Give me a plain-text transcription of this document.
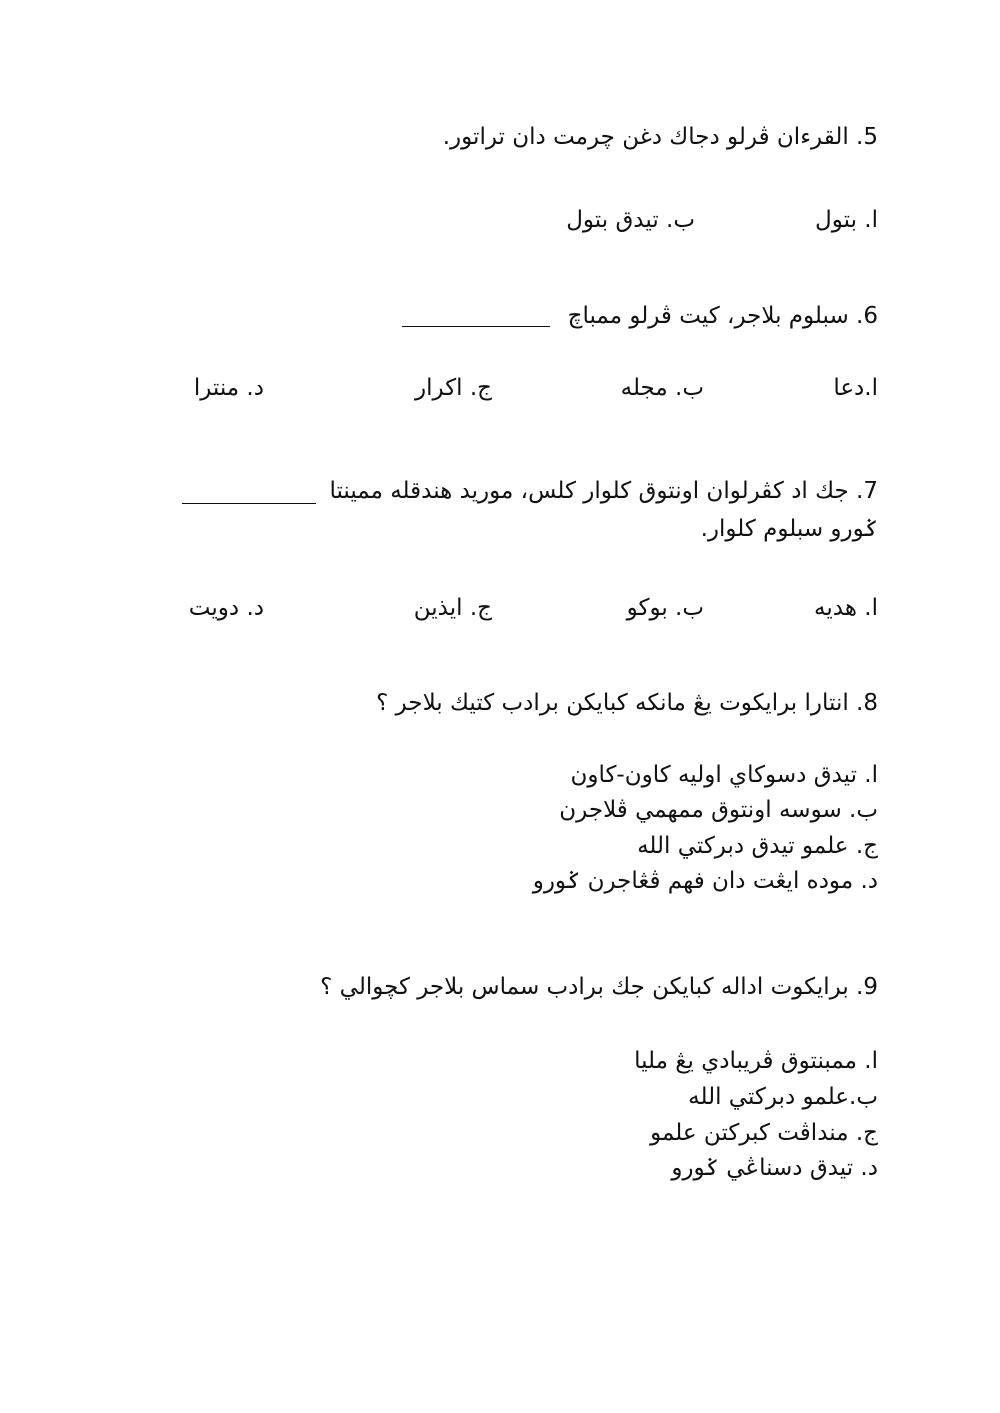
5. القرءان ڤرلو دجاك دغن چرمت دان تراتور.
ا. بتول
ب. تيدق بتول
6. سبلوم بلاجر، كيت ڤرلو ممباچ
ا.دعا
ب. مجله
ج. اكرار
د. منترا
7. جك اد كڤرلوان اونتوق كلوار كلس، موريد هندقله ممينتا
ݢورو سبلوم كلوار.
ا. هديه
ب. بوكو
ج. ايذين
د. دويت
8. انتارا برايكوت يڠ مانكه كبايكن برادب كتيك بلاجر ؟
ا. تيدق دسوكاي اوليه كاون-كاون
ب. سوسه اونتوق ممهمي ڤلاجرن
ج. علمو تيدق دبركتي الله
د. موده ايڠت دان فهم ڤڠاجرن ݢورو
9. برايكوت اداله كبايكن جك برادب سماس بلاجر كچوالي ؟
ا. ممبنتوق ڤريبادي يڠ مليا
ب.علمو دبركتي الله
ج. منداڤت كبركتن علمو
د. تيدق دسناڠي ݢورو
